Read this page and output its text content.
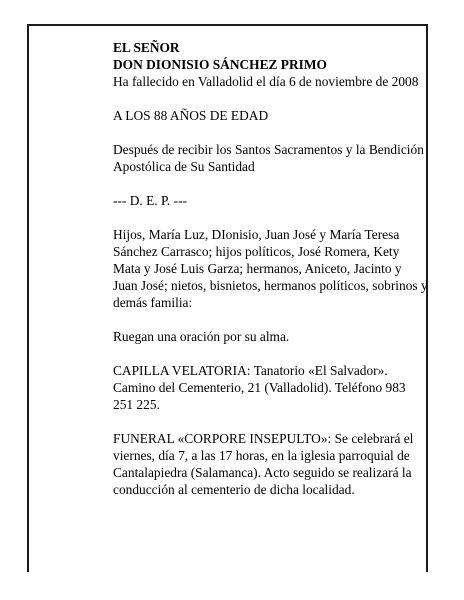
EL SEÑOR
DON DIONISIO SÁNCHEZ PRIMO
Ha fallecido en Valladolid el día 6 de noviembre de 2008
A LOS 88 AÑOS DE EDAD
Después de recibir los Santos Sacramentos y la Bendición Apostólica de Su Santidad
--- D. E. P. ---
Hijos, María Luz, DIonisio, Juan José y María Teresa Sánchez Carrasco; hijos políticos, José Romera, Kety Mata y José Luis Garza; hermanos, Aniceto, Jacinto y Juan José; nietos, bisnietos, hermanos políticos, sobrinos y demás familia:
Ruegan una oración por su alma.
CAPILLA VELATORIA: Tanatorio «El Salvador». Camino del Cementerio, 21 (Valladolid). Teléfono 983 251 225.
FUNERAL «CORPORE INSEPULTO»: Se celebrará el viernes, día 7, a las 17 horas, en la iglesia parroquial de Cantalapiedra (Salamanca). Acto seguido se realizará la conducción al cementerio de dicha localidad.
